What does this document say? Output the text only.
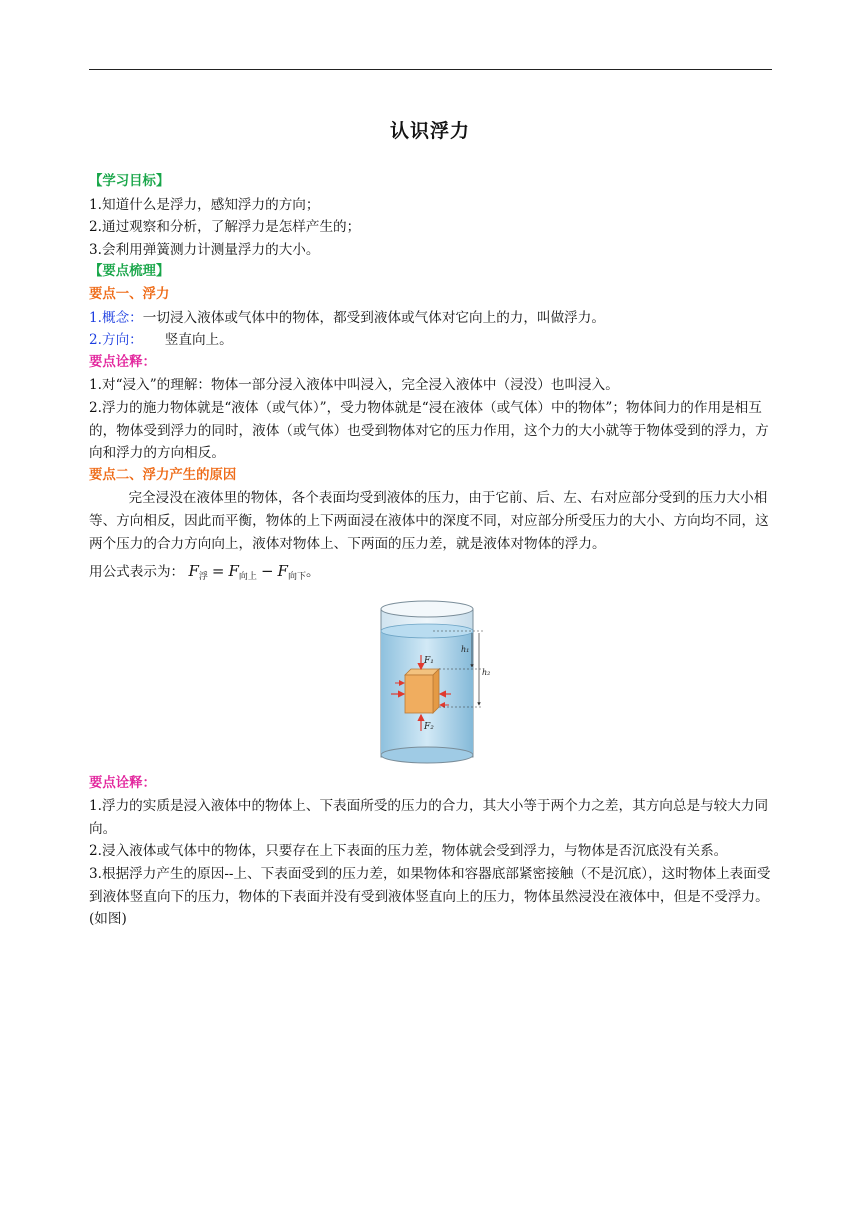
认识浮力

【学习目标】

1.知道什么是浮力，感知浮力的方向；

2.通过观察和分析，了解浮力是怎样产生的；

3.会利用弹簧测力计测量浮力的大小。

【要点梳理】

要点一、浮力

1.概念：一切浸入液体或气体中的物体，都受到液体或气体对它向上的力，叫做浮力。

2.方向： 竖直向上。

要点诠释：

1.对“浸入”的理解：物体一部分浸入液体中叫浸入，完全浸入液体中（浸没）也叫浸入。

2.浮力的施力物体就是“液体（或气体）”，受力物体就是“浸在液体（或气体）中的物体”；物体间力的作用是相互的，物体受到浮力的同时，液体（或气体）也受到物体对它的压力作用，这个力的大小就等于物体受到的浮力，方向和浮力的方向相反。

要点二、浮力产生的原因

完全浸没在液体里的物体，各个表面均受到液体的压力，由于它前、后、左、右对应部分受到的压力大小相等、方向相反，因此而平衡，物体的上下两面浸在液体中的深度不同，对应部分所受压力的大小、方向均不同，这两个压力的合力方向向上，液体对物体上、下两面的压力差，就是液体对物体的浮力。

用公式表示为： $F_浮 = F_{向上} - F_{向下}$。

F₁
F₂
h₁
h₂

要点诠释：

1.浮力的实质是浸入液体中的物体上、下表面所受的压力的合力，其大小等于两个力之差，其方向总是与较大力同向。

2.浸入液体或气体中的物体，只要存在上下表面的压力差，物体就会受到浮力，与物体是否沉底没有关系。

3.根据浮力产生的原因--上、下表面受到的压力差，如果物体和容器底部紧密接触（不是沉底），这时物体上表面受到液体竖直向下的压力，物体的下表面并没有受到液体竖直向上的压力，物体虽然浸没在液体中，但是不受浮力。(如图)
